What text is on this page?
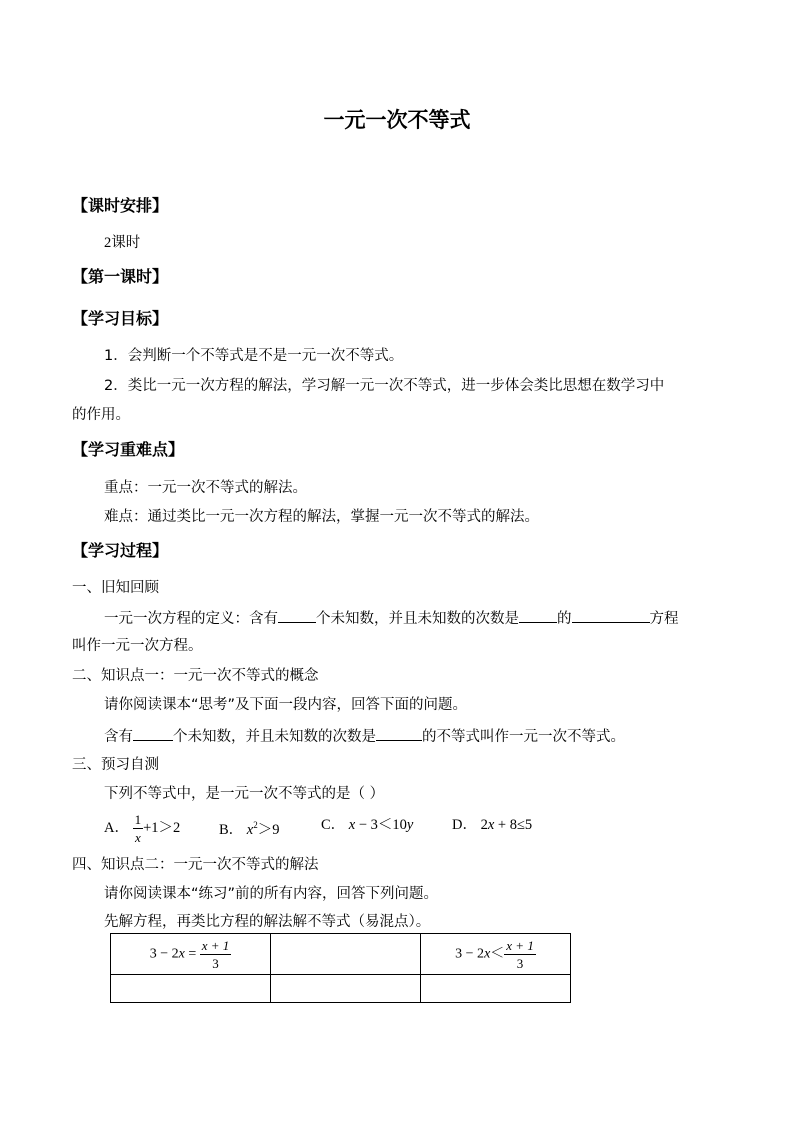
一元一次不等式
【课时安排】
2课时
【第一课时】
【学习目标】
1．会判断一个不等式是不是一元一次不等式。
2．类比一元一次方程的解法，学习解一元一次不等式，进一步体会类比思想在数学习中
的作用。
【学习重难点】
重点：一元一次不等式的解法。
难点：通过类比一元一次方程的解法，掌握一元一次不等式的解法。
【学习过程】
一、旧知回顾
一元一次方程的定义：含有	个未知数，并且未知数的次数是	的	方程
叫作一元一次方程。
二、知识点一：一元一次不等式的概念
请你阅读课本“思考”及下面一段内容，回答下面的问题。
含有	个未知数，并且未知数的次数是	的不等式叫作一元一次不等式。
三、预习自测
下列不等式中，是一元一次不等式的是（ ）
A． $\frac{1}{x} +1>2$	B． $x^2>9$	C． x − 3＜10y	D． 2x + 8≤5
四、知识点二：一元一次不等式的解法
请你阅读课本“练习”前的所有内容，回答下列问题。
先解方程，再类比方程的解法解不等式（易混点）。
$3 - 2x = \frac{x + 1}{3}$		$3 - 2x< \frac{x + 1}{3}$
